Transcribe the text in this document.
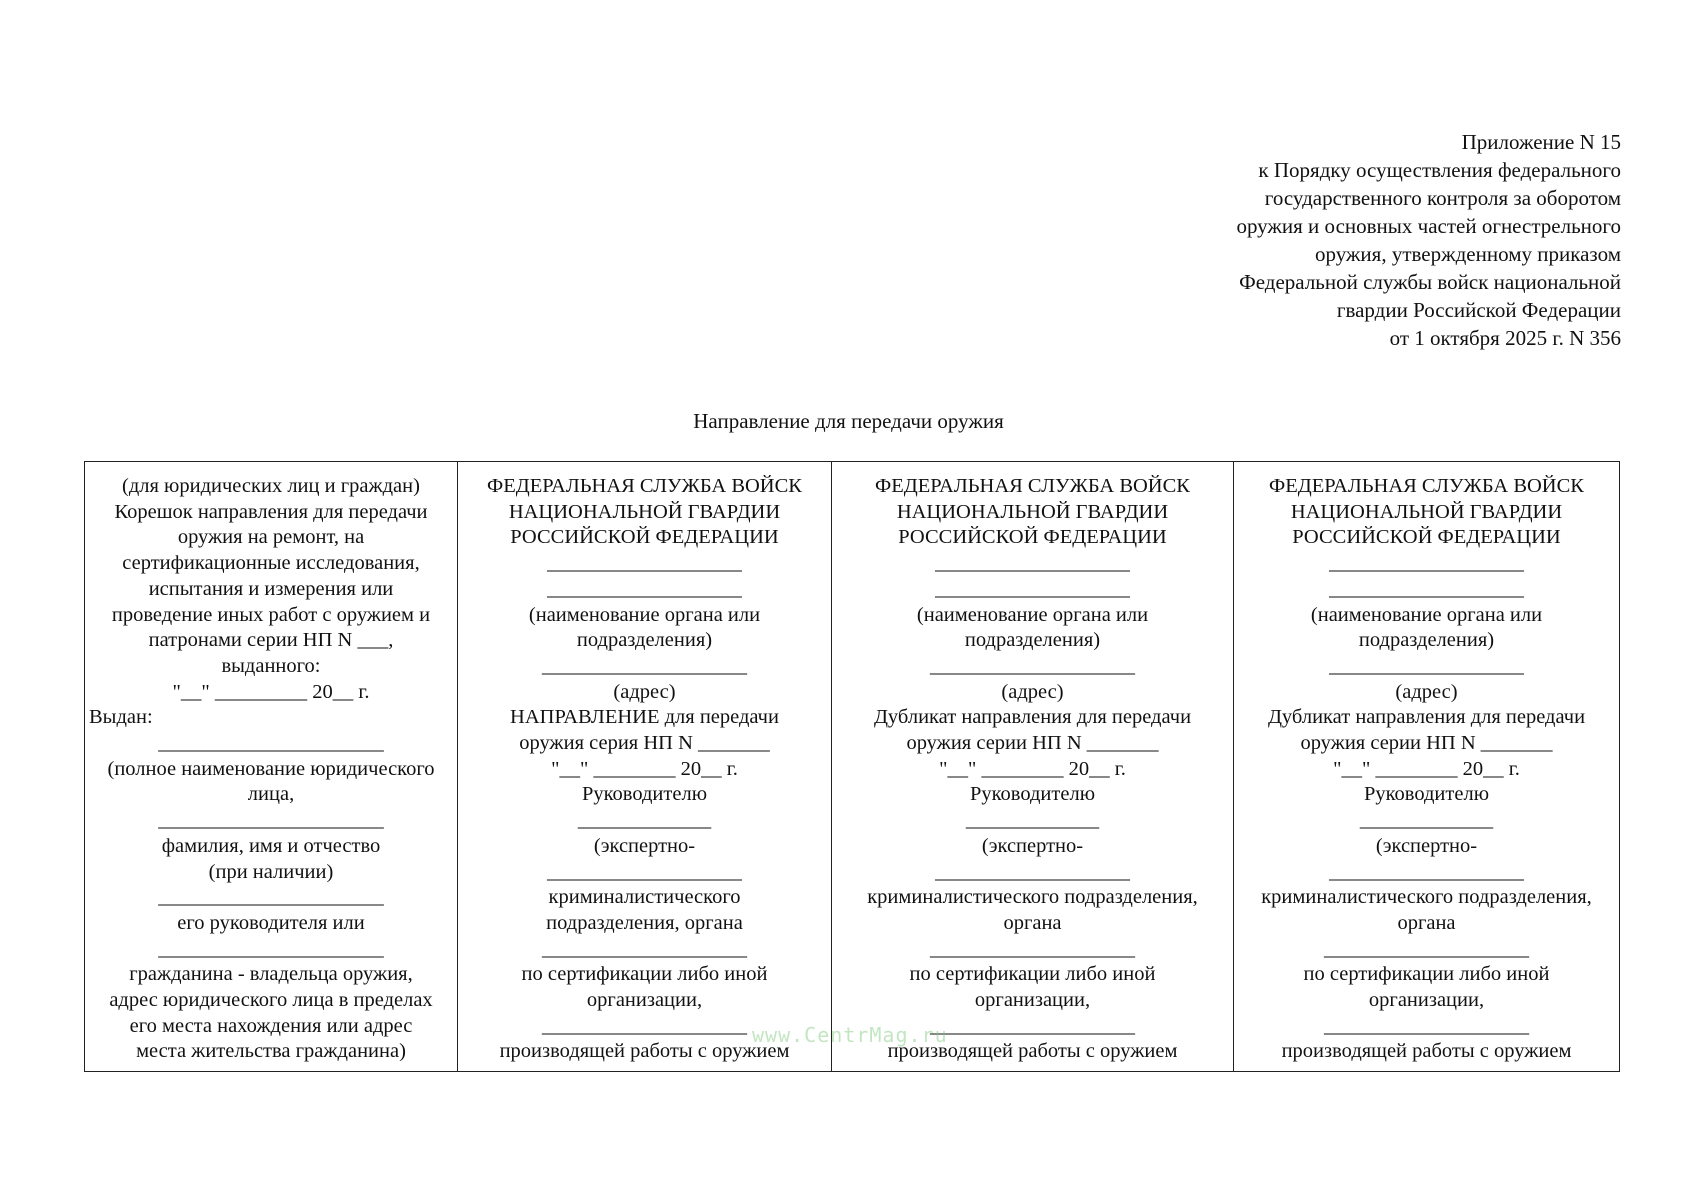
Приложение N 15
к Порядку осуществления федерального
государственного контроля за оборотом
оружия и основных частей огнестрельного
оружия, утвержденному приказом
Федеральной службы войск национальной
гвардии Российской Федерации
от 1 октября 2025 г. N 356
Направление для передачи оружия
(для юридических лиц и граждан)
Корешок направления для передачи
оружия на ремонт, на
сертификационные исследования,
испытания и измерения или
проведение иных работ с оружием и
патронами серии НП N ___,
выданного:
"__" _________ 20__ г.
Выдан:
______________________
(полное наименование юридического
лица,
______________________
фамилия, имя и отчество
(при наличии)
______________________
его руководителя или
______________________
гражданина - владельца оружия,
адрес юридического лица в пределах
его места нахождения или адрес
места жительства гражданина)
ФЕДЕРАЛЬНАЯ СЛУЖБА ВОЙСК
НАЦИОНАЛЬНОЙ ГВАРДИИ
РОССИЙСКОЙ ФЕДЕРАЦИИ
___________________
___________________
(наименование органа или
подразделения)
____________________
(адрес)
НАПРАВЛЕНИЕ для передачи
оружия серия НП N _______
"__" ________ 20__ г.
Руководителю
_____________
(экспертно-
___________________
криминалистического
подразделения, органа
____________________
по сертификации либо иной
организации,
____________________
производящей работы с оружием
ФЕДЕРАЛЬНАЯ СЛУЖБА ВОЙСК
НАЦИОНАЛЬНОЙ ГВАРДИИ
РОССИЙСКОЙ ФЕДЕРАЦИИ
___________________
___________________
(наименование органа или
подразделения)
____________________
(адрес)
Дубликат направления для передачи
оружия серии НП N _______
"__" ________ 20__ г.
Руководителю
_____________
(экспертно-
___________________
криминалистического подразделения,
органа
____________________
по сертификации либо иной
организации,
____________________
производящей работы с оружием
ФЕДЕРАЛЬНАЯ СЛУЖБА ВОЙСК
НАЦИОНАЛЬНОЙ ГВАРДИИ
РОССИЙСКОЙ ФЕДЕРАЦИИ
___________________
___________________
(наименование органа или
подразделения)
___________________
(адрес)
Дубликат направления для передачи
оружия серии НП N _______
"__" ________ 20__ г.
Руководителю
_____________
(экспертно-
___________________
криминалистического подразделения,
органа
____________________
по сертификации либо иной
организации,
____________________
производящей работы с оружием
www.CentrMag.ru
